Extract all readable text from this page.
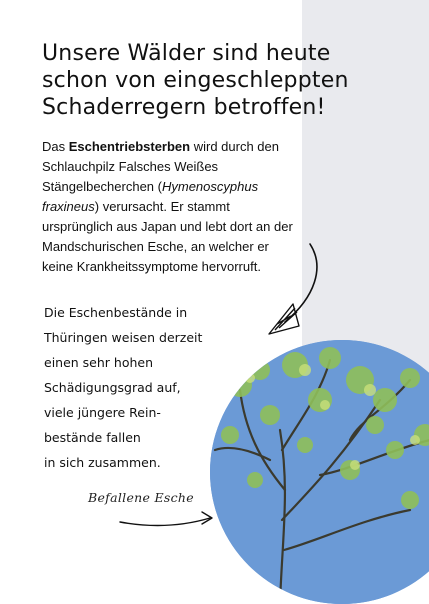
Unsere Wälder sind heute schon von eingeschleppten Schaderregern betroffen!

Das Eschentriebsterben wird durch den Schlauchpilz Falsches Weißes Stängelbecherchen (Hymenoscyphus fraxineus) verursacht. Er stammt ursprünglich aus Japan und lebt dort an der Mandschurischen Esche, an welcher er keine Krankheitssymptome hervorruft.

Die Eschenbestände in
Thüringen weisen derzeit
einen sehr hohen
Schädigungsgrad auf,
viele jüngere Rein-
bestände fallen
in sich zusammen.
Befallene Esche
